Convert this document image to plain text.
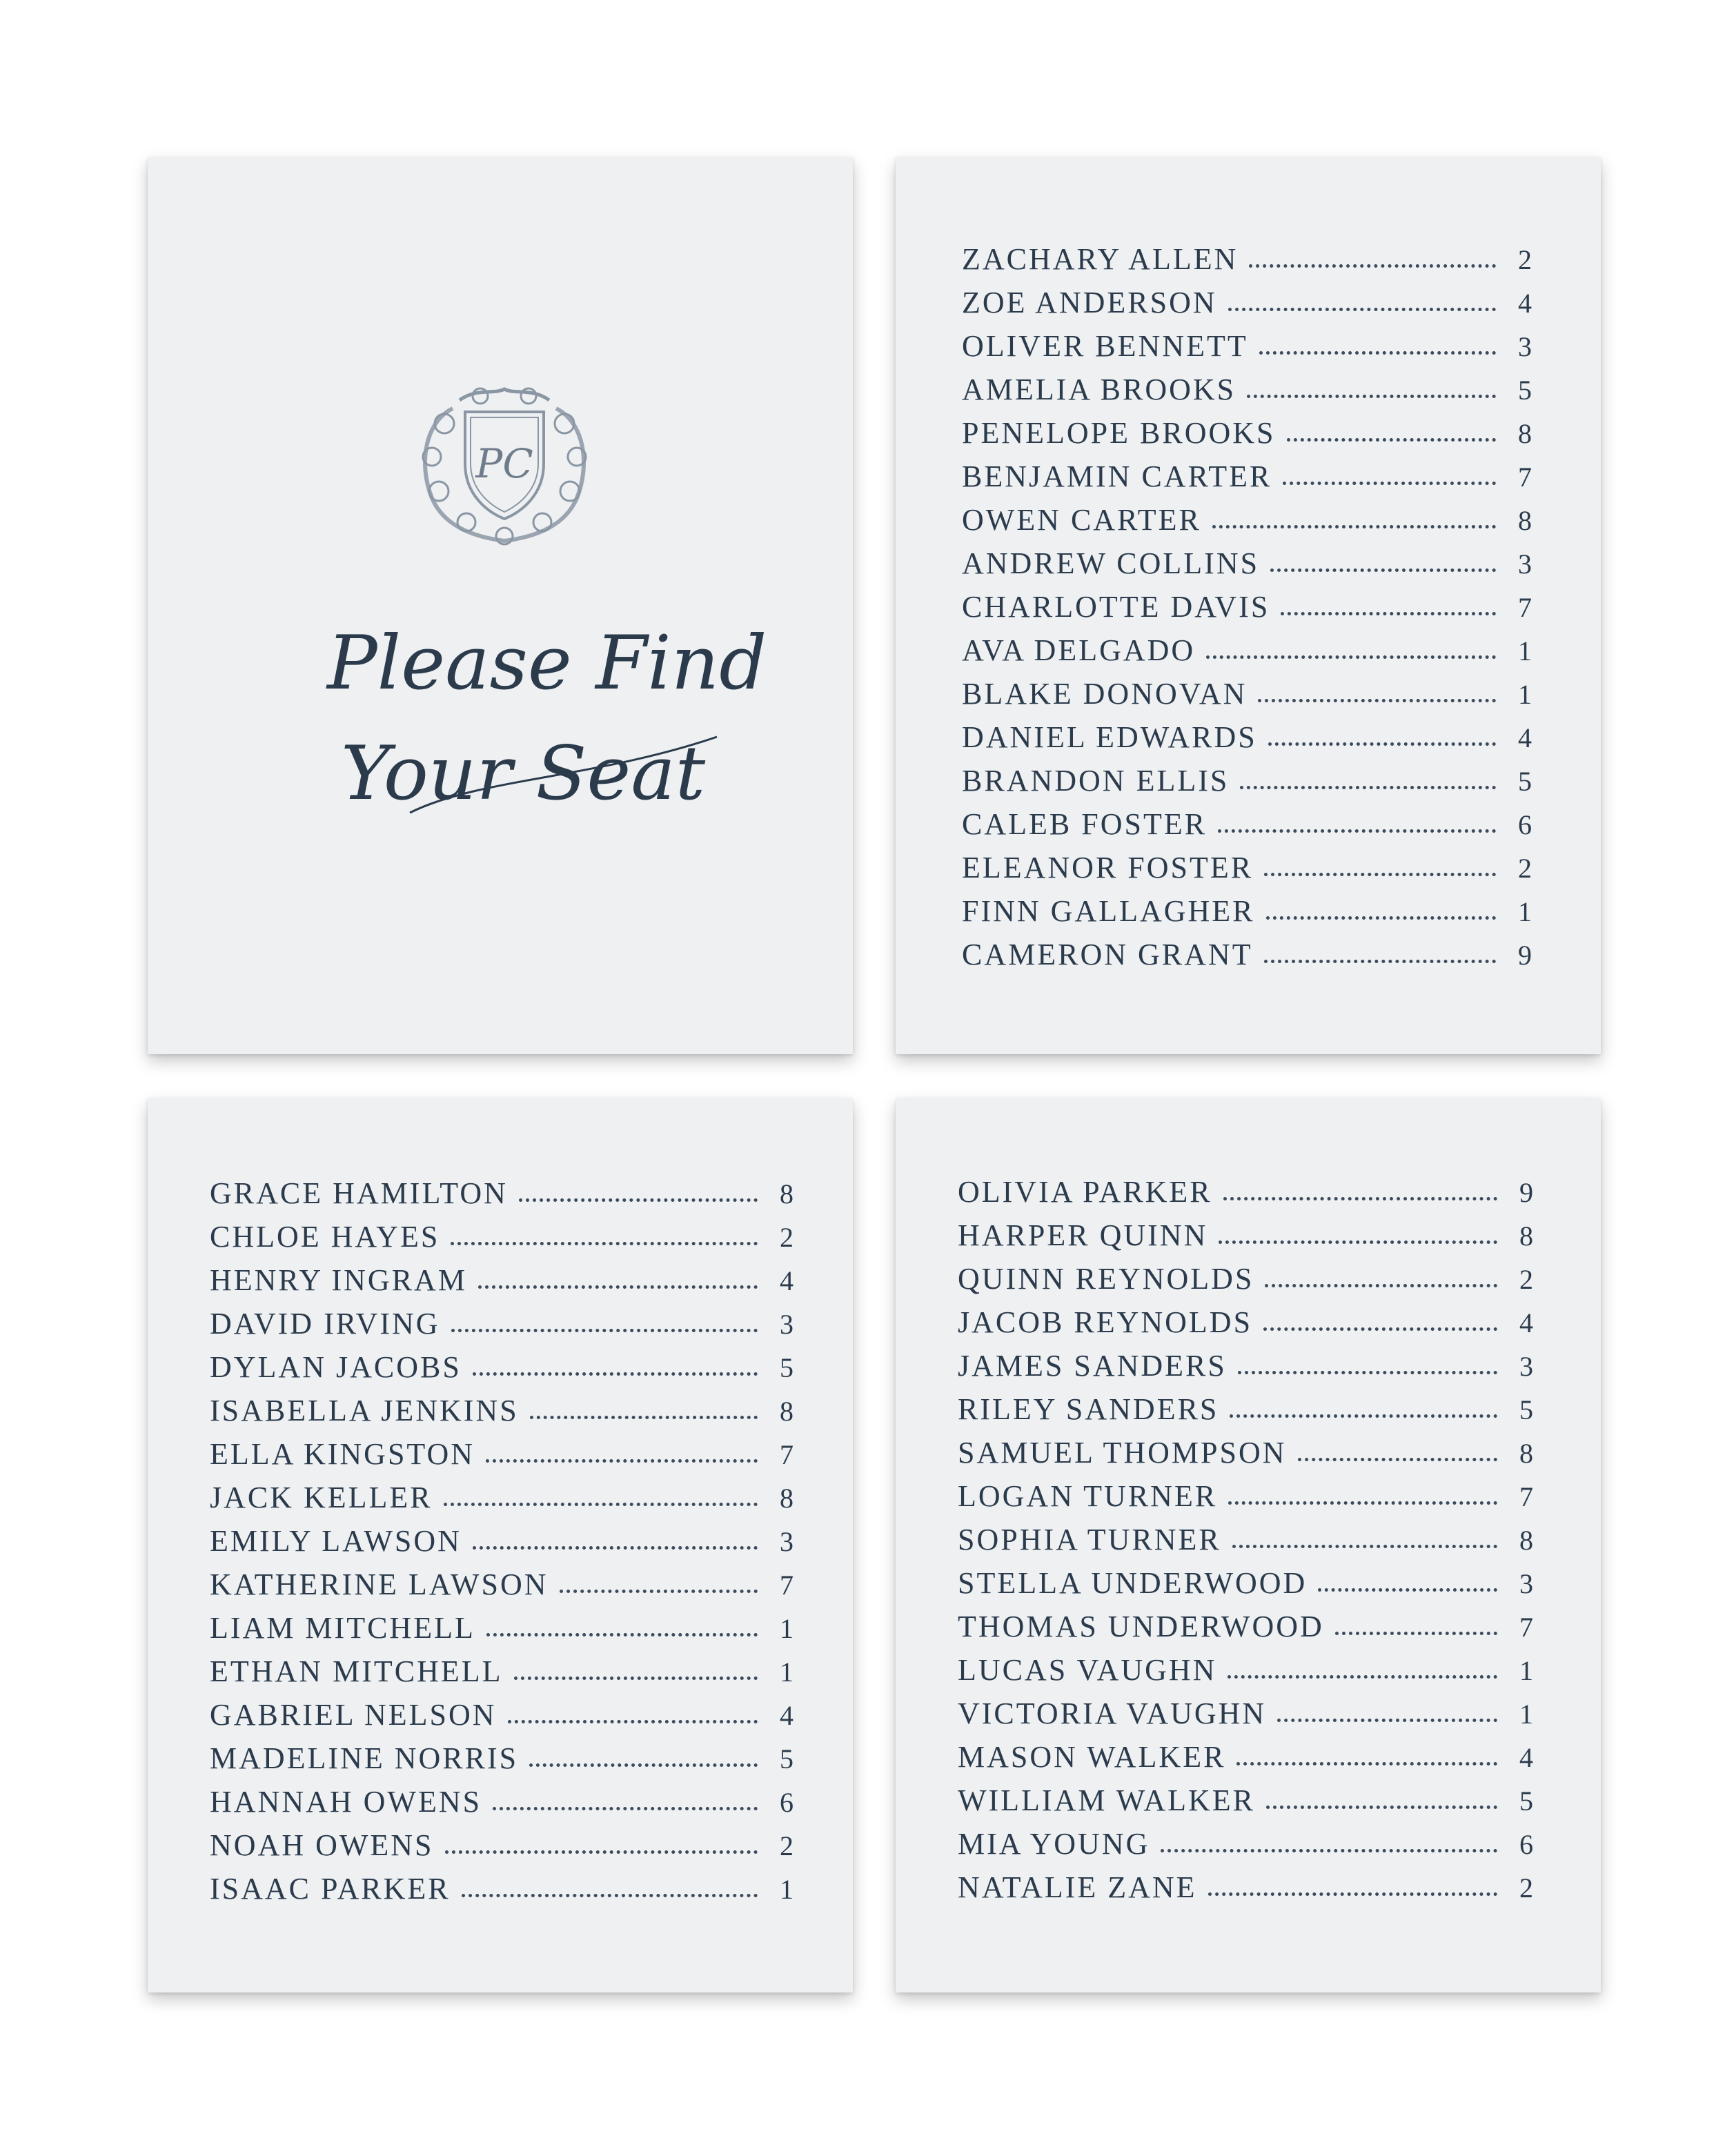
PC
Please Find
Your Seat
ZACHARY ALLEN	2
ZOE ANDERSON	4
OLIVER BENNETT	3
AMELIA BROOKS	5
PENELOPE BROOKS	8
BENJAMIN CARTER	7
OWEN CARTER	8
ANDREW COLLINS	3
CHARLOTTE DAVIS	7
AVA DELGADO	1
BLAKE DONOVAN	1
DANIEL EDWARDS	4
BRANDON ELLIS	5
CALEB FOSTER	6
ELEANOR FOSTER	2
FINN GALLAGHER	1
CAMERON GRANT	9
GRACE HAMILTON	8
CHLOE HAYES	2
HENRY INGRAM	4
DAVID IRVING	3
DYLAN JACOBS	5
ISABELLA JENKINS	8
ELLA KINGSTON	7
JACK KELLER	8
EMILY LAWSON	3
KATHERINE LAWSON	7
LIAM MITCHELL	1
ETHAN MITCHELL	1
GABRIEL NELSON	4
MADELINE NORRIS	5
HANNAH OWENS	6
NOAH OWENS	2
ISAAC PARKER	1
OLIVIA PARKER	9
HARPER QUINN	8
QUINN REYNOLDS	2
JACOB REYNOLDS	4
JAMES SANDERS	3
RILEY SANDERS	5
SAMUEL THOMPSON	8
LOGAN TURNER	7
SOPHIA TURNER	8
STELLA UNDERWOOD	3
THOMAS UNDERWOOD	7
LUCAS VAUGHN	1
VICTORIA VAUGHN	1
MASON WALKER	4
WILLIAM WALKER	5
MIA YOUNG	6
NATALIE ZANE	2
